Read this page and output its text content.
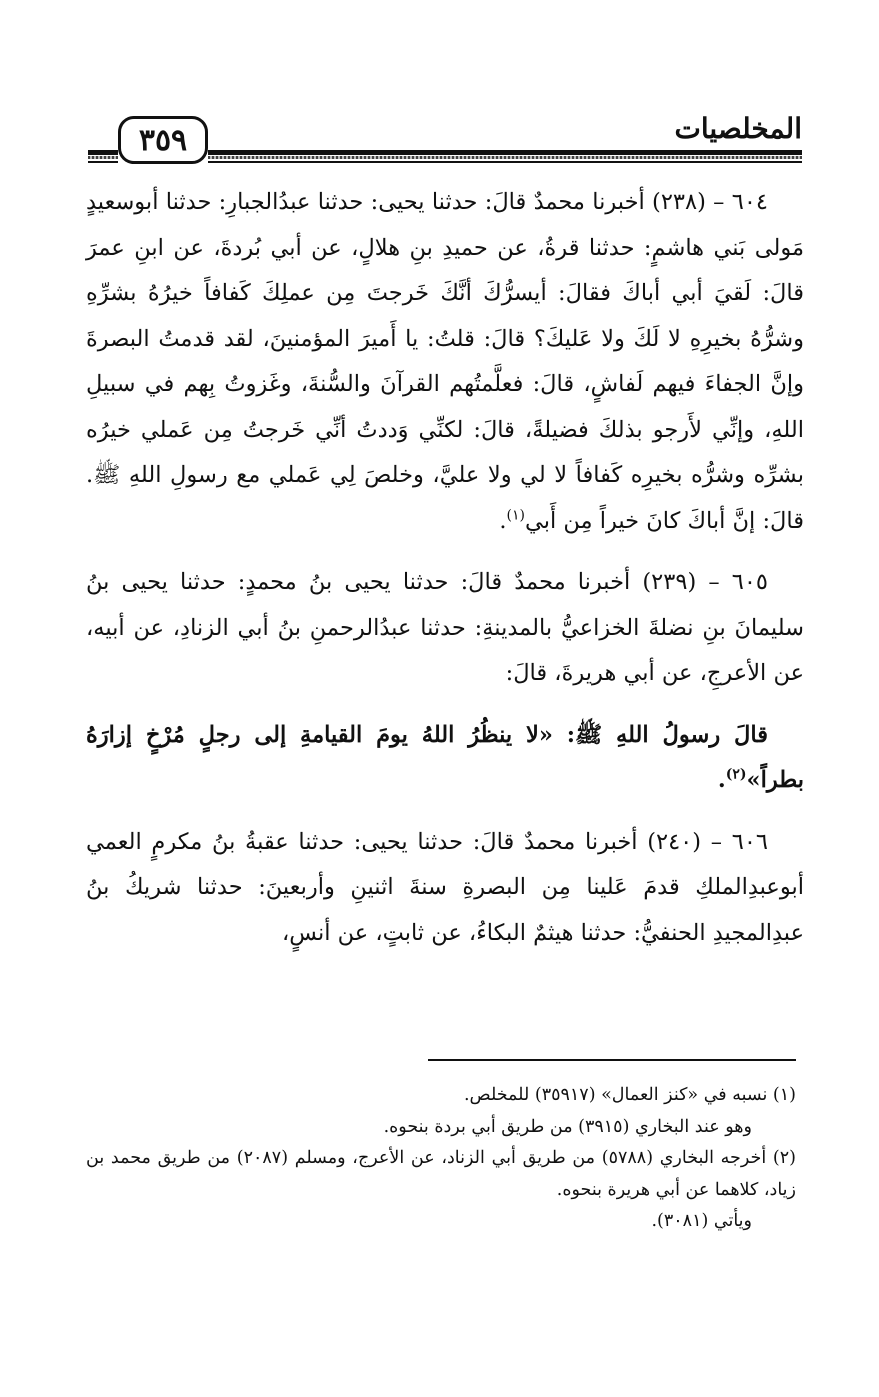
٣٥٩	المخلصيات

٦٠٤ – (٢٣٨) أخبرنا محمدٌ قالَ: حدثنا يحيى: حدثنا عبدُالجبارِ: حدثنا أبوسعيدٍ مَولى بَني هاشمٍ: حدثنا قرةُ، عن حميدِ بنِ هلالٍ، عن أبي بُردةَ، عن ابنِ عمرَ قالَ: لَقيَ أبي أباكَ فقالَ: أيسرُّكَ أنَّكَ خَرجتَ مِن عملِكَ كَفافاً خيرُهُ بشرِّهِ وشرُّهُ بخيرِهِ لا لَكَ ولا عَليكَ؟ قالَ: قلتُ: يا أَميرَ المؤمنينَ، لقد قدمتُ البصرةَ وإنَّ الجفاءَ فيهم لَفاشٍ، قالَ: فعلَّمتُهم القرآنَ والسُّنةَ، وغَزوتُ بِهم في سبيلِ اللهِ، وإنِّي لأَرجو بذلكَ فضيلةً، قالَ: لكنِّي وَددتُ أنِّي خَرجتُ مِن عَملي خيرُه بشرِّه وشرُّه بخيرِه كَفافاً لا لي ولا عليَّ، وخلصَ لِي عَملي مع رسولِ اللهِ ﷺ. قالَ: إنَّ أباكَ كانَ خيراً مِن أَبي$^{(١)}$.

٦٠٥ – (٢٣٩) أخبرنا محمدٌ قالَ: حدثنا يحيى بنُ محمدٍ: حدثنا يحيى بنُ سليمانَ بنِ نضلةَ الخزاعيُّ بالمدينةِ: حدثنا عبدُالرحمنِ بنُ أبي الزنادِ، عن أبيه، عن الأعرجِ، عن أبي هريرةَ، قالَ:

قالَ رسولُ اللهِ ﷺ: «لا ينظُرُ اللهُ يومَ القيامةِ إلى رجلٍ مُرْخٍ إزارَهُ بطراً»$^{(٢)}$.

٦٠٦ – (٢٤٠) أخبرنا محمدٌ قالَ: حدثنا يحيى: حدثنا عقبةُ بنُ مكرمٍ العمي أبوعبدِالملكِ قدمَ عَلينا مِن البصرةِ سنةَ اثنينِ وأربعينَ: حدثنا شريكُ بنُ عبدِالمجيدِ الحنفيُّ: حدثنا هيثمٌ البكاءُ، عن ثابتٍ، عن أنسٍ،

(١) نسبه في «كنز العمال» (٣٥٩١٧) للمخلص.

وهو عند البخاري (٣٩١٥) من طريق أبي بردة بنحوه.

(٢) أخرجه البخاري (٥٧٨٨) من طريق أبي الزناد، عن الأعرج، ومسلم (٢٠٨٧) من طريق محمد بن زياد، كلاهما عن أبي هريرة بنحوه.

ويأتي (٣٠٨١).
